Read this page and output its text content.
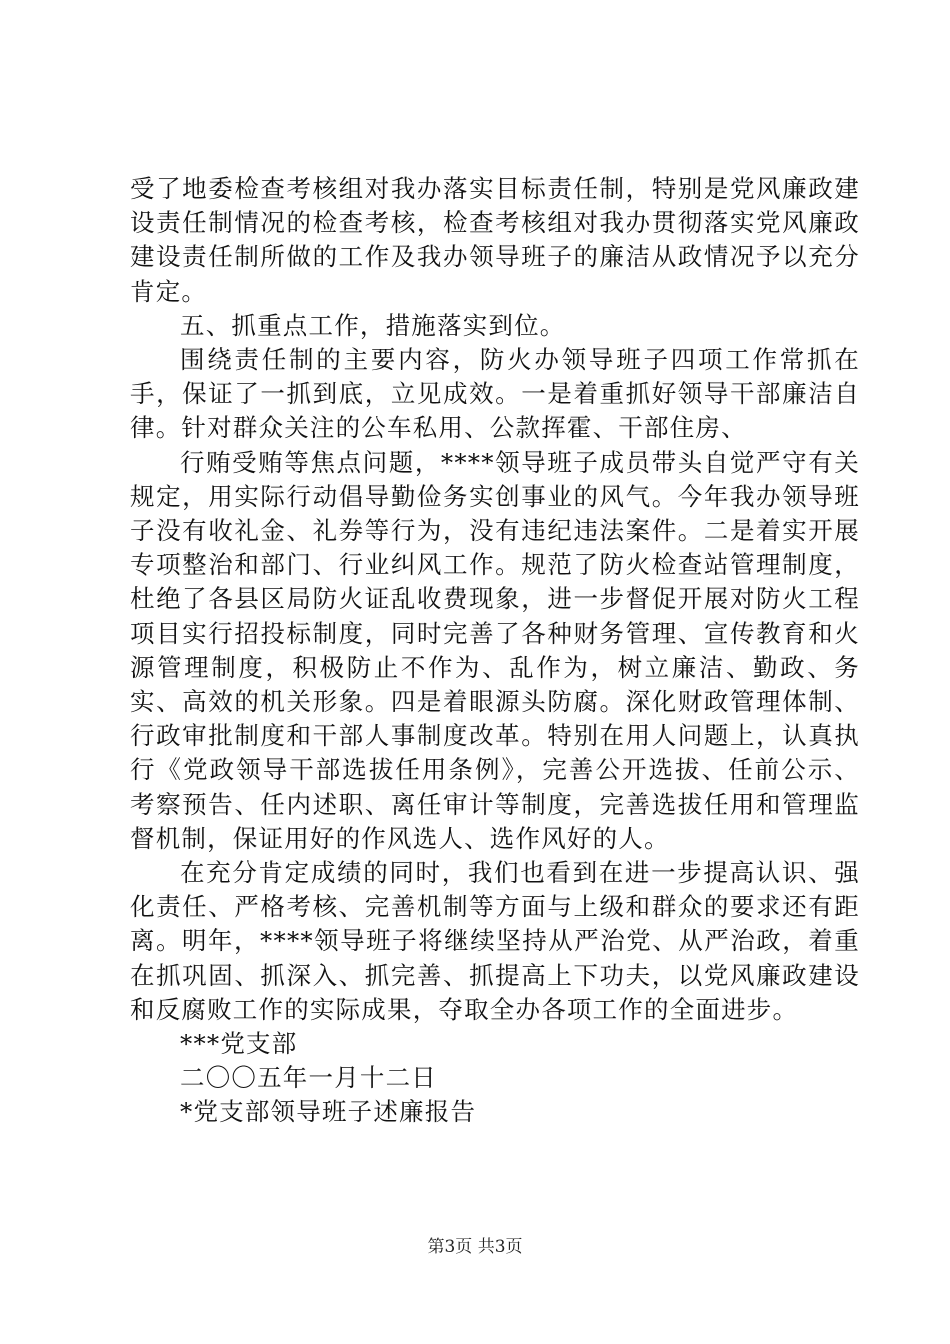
受了地委检查考核组对我办落实目标责任制，特别是党风廉政建设责任制情况的检查考核，检查考核组对我办贯彻落实党风廉政建设责任制所做的工作及我办领导班子的廉洁从政情况予以充分肯定。

五、抓重点工作，措施落实到位。

围绕责任制的主要内容，防火办领导班子四项工作常抓在手，保证了一抓到底，立见成效。一是着重抓好领导干部廉洁自律。针对群众关注的公车私用、公款挥霍、干部住房、

行贿受贿等焦点问题，****领导班子成员带头自觉严守有关规定，用实际行动倡导勤俭务实创事业的风气。今年我办领导班子没有收礼金、礼券等行为，没有违纪违法案件。二是着实开展专项整治和部门、行业纠风工作。规范了防火检查站管理制度，杜绝了各县区局防火证乱收费现象，进一步督促开展对防火工程项目实行招投标制度，同时完善了各种财务管理、宣传教育和火源管理制度，积极防止不作为、乱作为，树立廉洁、勤政、务实、高效的机关形象。四是着眼源头防腐。深化财政管理体制、行政审批制度和干部人事制度改革。特别在用人问题上，认真执行《党政领导干部选拔任用条例》，完善公开选拔、任前公示、考察预告、任内述职、离任审计等制度，完善选拔任用和管理监督机制，保证用好的作风选人、选作风好的人。

在充分肯定成绩的同时，我们也看到在进一步提高认识、强化责任、严格考核、完善机制等方面与上级和群众的要求还有距离。明年，****领导班子将继续坚持从严治党、从严治政，着重在抓巩固、抓深入、抓完善、抓提高上下功夫，以党风廉政建设和反腐败工作的实际成果，夺取全办各项工作的全面进步。

***党支部

二〇〇五年一月十二日

*党支部领导班子述廉报告

第3页 共3页
